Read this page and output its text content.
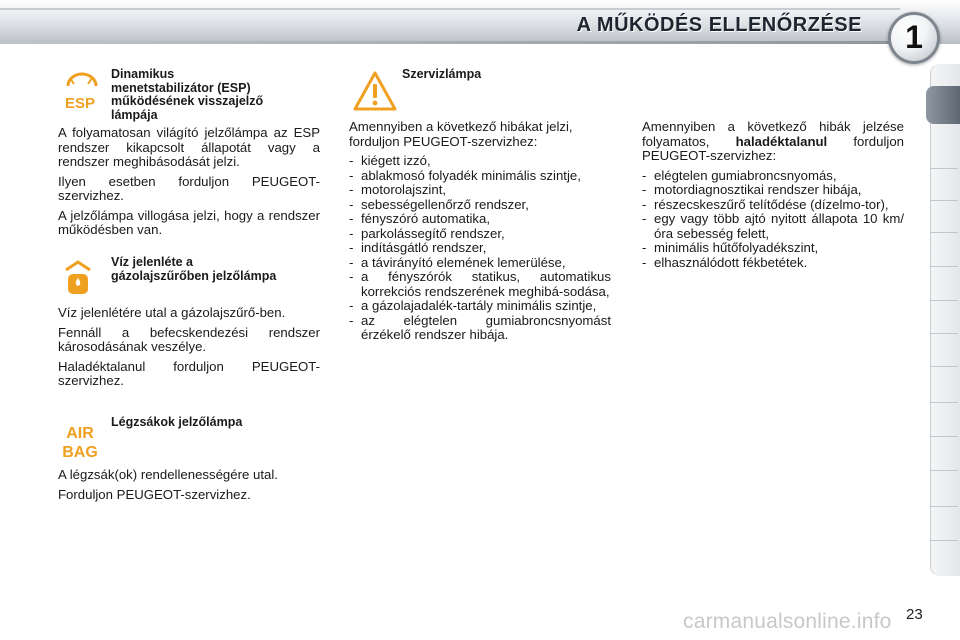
A MŰKÖDÉS ELLENŐRZÉSE	1
ESP
Dinamikus
menetstabilizátor (ESP)
működésének visszajelző
lámpája

A folyamatosan világító jelzőlámpa az ESP rendszer kikapcsolt állapotát vagy a rendszer meghibásodását jelzi.

Ilyen esetben forduljon PEUGEOT-szervizhez.

A jelzőlámpa villogása jelzi, hogy a rendszer működésben van.

Víz jelenléte a
gázolajszűrőben jelzőlámpa

Víz jelenlétére utal a gázolajszűrő-ben.

Fennáll a befecskendezési rendszer károsodásának veszélye.

Haladéktalanul forduljon PEUGEOT-szervizhez.

AIR
BAG
Légzsákok jelzőlámpa

A légzsák(ok) rendellenességére utal.

Forduljon PEUGEOT-szervizhez.

Szervizlámpa

Amennyiben a következő hibákat jelzi, forduljon PEUGEOT-szervizhez:

- kiégett izzó,
- ablakmosó folyadék minimális szintje,
- motorolajszint,
- sebességellenőrző rendszer,
- fényszóró automatika,
- parkolássegítő rendszer,
- indításgátló rendszer,
- a távirányító elemének lemerülése,
- a fényszórók statikus, automatikus korrekciós rendszerének meghibá-sodása,
- a gázolajadalék-tartály minimális szintje,
- az elégtelen gumiabroncsnyomást érzékelő rendszer hibája.

Amennyiben a következő hibák jelzése folyamatos, haladéktalanul forduljon PEUGEOT-szervizhez:

- elégtelen gumiabroncsnyomás,
- motordiagnosztikai rendszer hibája,
- részecskeszűrő telítődése (dízelmo-tor),
- egy vagy több ajtó nyitott állapota 10 km/óra sebesség felett,
- minimális hűtőfolyadékszint,
- elhasználódott fékbetétek.
23
carmanualsonline.info
